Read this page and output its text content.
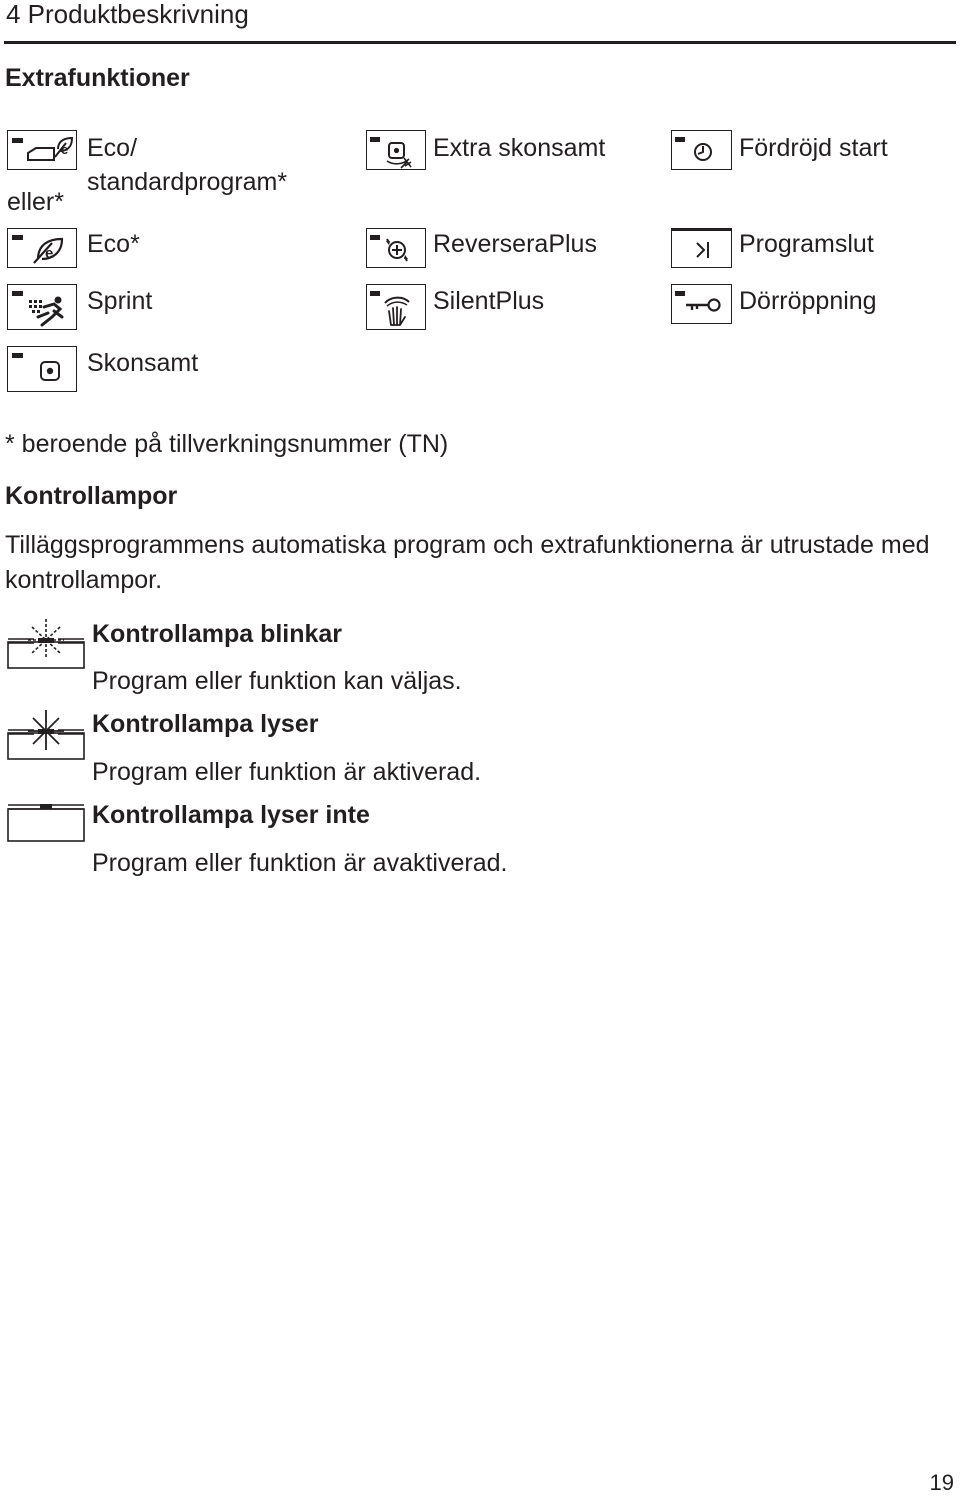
4 Produktbeskrivning
Extrafunktioner
e Eco/
standardprogram*
eller*
e Eco*
Sprint
Skonsamt
Extra skonsamt
ReverseraPlus
SilentPlus
Fördröjd start
Programslut
Dörröppning
* beroende på tillverkningsnummer (TN)
Kontrollampor
Tilläggsprogrammens automatiska program och extrafunktionerna är utrustade med kontrollampor.
Kontrollampa blinkar
Program eller funktion kan väljas.
Kontrollampa lyser
Program eller funktion är aktiverad.
Kontrollampa lyser inte
Program eller funktion är avaktiverad.
19
